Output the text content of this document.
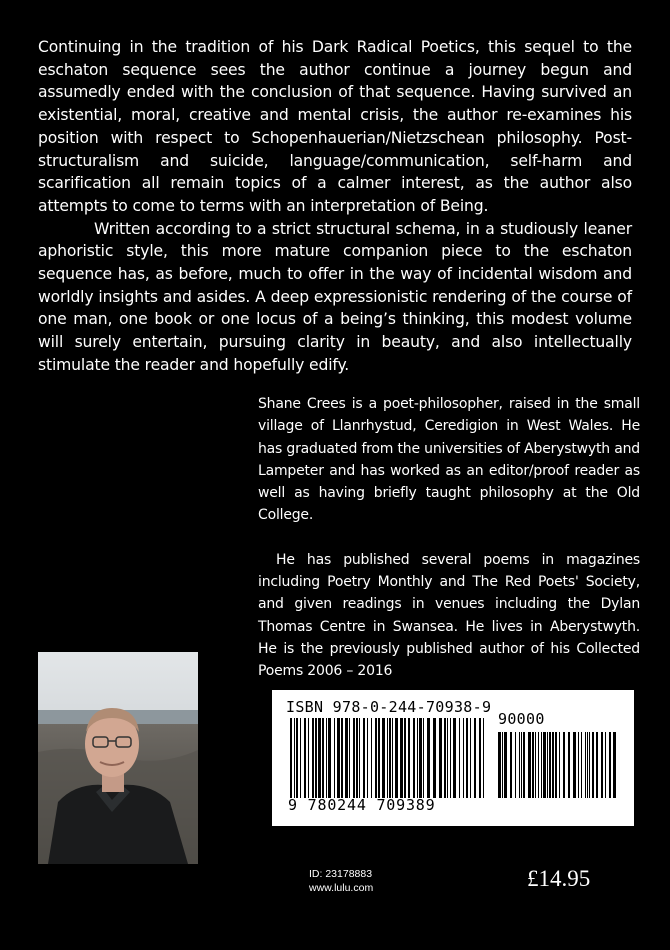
Continuing in the tradition of his Dark Radical Poetics, this sequel to the eschaton sequence sees the author continue a journey begun and assumedly ended with the conclusion of that sequence. Having survived an existential, moral, creative and mental crisis, the author re-examines his position with respect to Schopenhauerian/Nietzschean philosophy. Post-structuralism and suicide, language/communication, self-harm and scarification all remain topics of a calmer interest, as the author also attempts to come to terms with an interpretation of Being.

Written according to a strict structural schema, in a studiously leaner aphoristic style, this more mature companion piece to the eschaton sequence has, as before, much to offer in the way of incidental wisdom and worldly insights and asides. A deep expressionistic rendering of the course of one man, one book or one locus of a being’s thinking, this modest volume will surely entertain, pursuing clarity in beauty, and also intellectually stimulate the reader and hopefully edify.

Shane Crees is a poet-philosopher, raised in the small village of Llanrhystud, Ceredigion in West Wales. He has graduated from the universities of Aberystwyth and Lampeter and has worked as an editor/proof reader as well as having briefly taught philosophy at the Old College.

He has published several poems in magazines including Poetry Monthly and The Red Poets' Society, and given readings in venues including the Dylan Thomas Centre in Swansea. He lives in Aberystwyth. He is the previously published author of his Collected Poems 2006 – 2016

ISBN 978-0-244-70938-9
90000
9 780244 709389
ID: 23178883
www.lulu.com	£14.95
